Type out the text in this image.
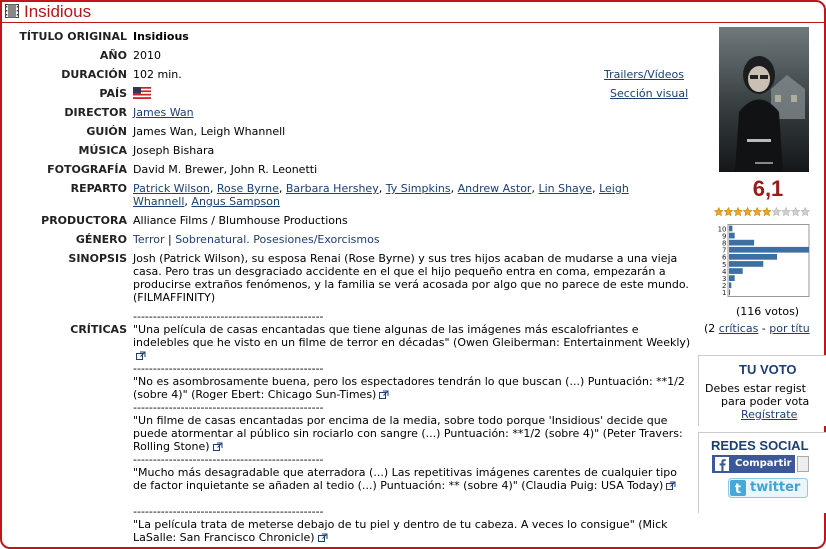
Insidious
TÍTULO ORIGINAL Insidious
AÑO 2010
DURACIÓN 102 min.
PAÍS
Trailers/Vídeos
Sección visual
DIRECTOR James Wan
GUIÓN James Wan, Leigh Whannell
MÚSICA Joseph Bishara
FOTOGRAFÍA David M. Brewer, John R. Leonetti
REPARTO Patrick Wilson, Rose Byrne, Barbara Hershey, Ty Simpkins, Andrew Astor, Lin Shaye, Leigh Whannell, Angus Sampson
PRODUCTORA Alliance Films / Blumhouse Productions
GÉNERO Terror | Sobrenatural. Posesiones/Exorcismos
SINOPSIS Josh (Patrick Wilson), su esposa Renai (Rose Byrne) y sus tres hijos acaban de mudarse a una vieja casa. Pero tras un desgraciado accidente en el que el hijo pequeño entra en coma, empezarán a producirse extraños fenómenos, y la familia se verá acosada por algo que no parece de este mundo. (FILMAFFINITY)
CRÍTICAS
------------------------------------------------
"Una película de casas encantadas que tiene algunas de las imágenes más escalofriantes e indelebles que he visto en un filme de terror en décadas" (Owen Gleiberman: Entertainment Weekly)
------------------------------------------------
"No es asombrosamente buena, pero los espectadores tendrán lo que buscan (...) Puntuación: **1/2 (sobre 4)" (Roger Ebert: Chicago Sun-Times)
------------------------------------------------
"Un filme de casas encantadas por encima de la media, sobre todo porque 'Insidious' decide que puede atormentar al público sin rociarlo con sangre (...) Puntuación: **1/2 (sobre 4)" (Peter Travers: Rolling Stone)
------------------------------------------------
"Mucho más desagradable que aterradora (...) Las repetitivas imágenes carentes de cualquier tipo de factor inquietante se añaden al tedio (...) Puntuación: ** (sobre 4)" (Claudia Puig: USA Today)
------------------------------------------------
"La película trata de meterse debajo de tu piel y dentro de tu cabeza. A veces lo consigue" (Mick LaSalle: San Francisco Chronicle)
6,1
10
9
8
7
6
5
4
3
2
1
(116 votos)
(2 críticas - por títu
TU VOTO
Debes estar regist
para poder vota
Regístrate
REDES SOCIAL
Compartir
t twitter
